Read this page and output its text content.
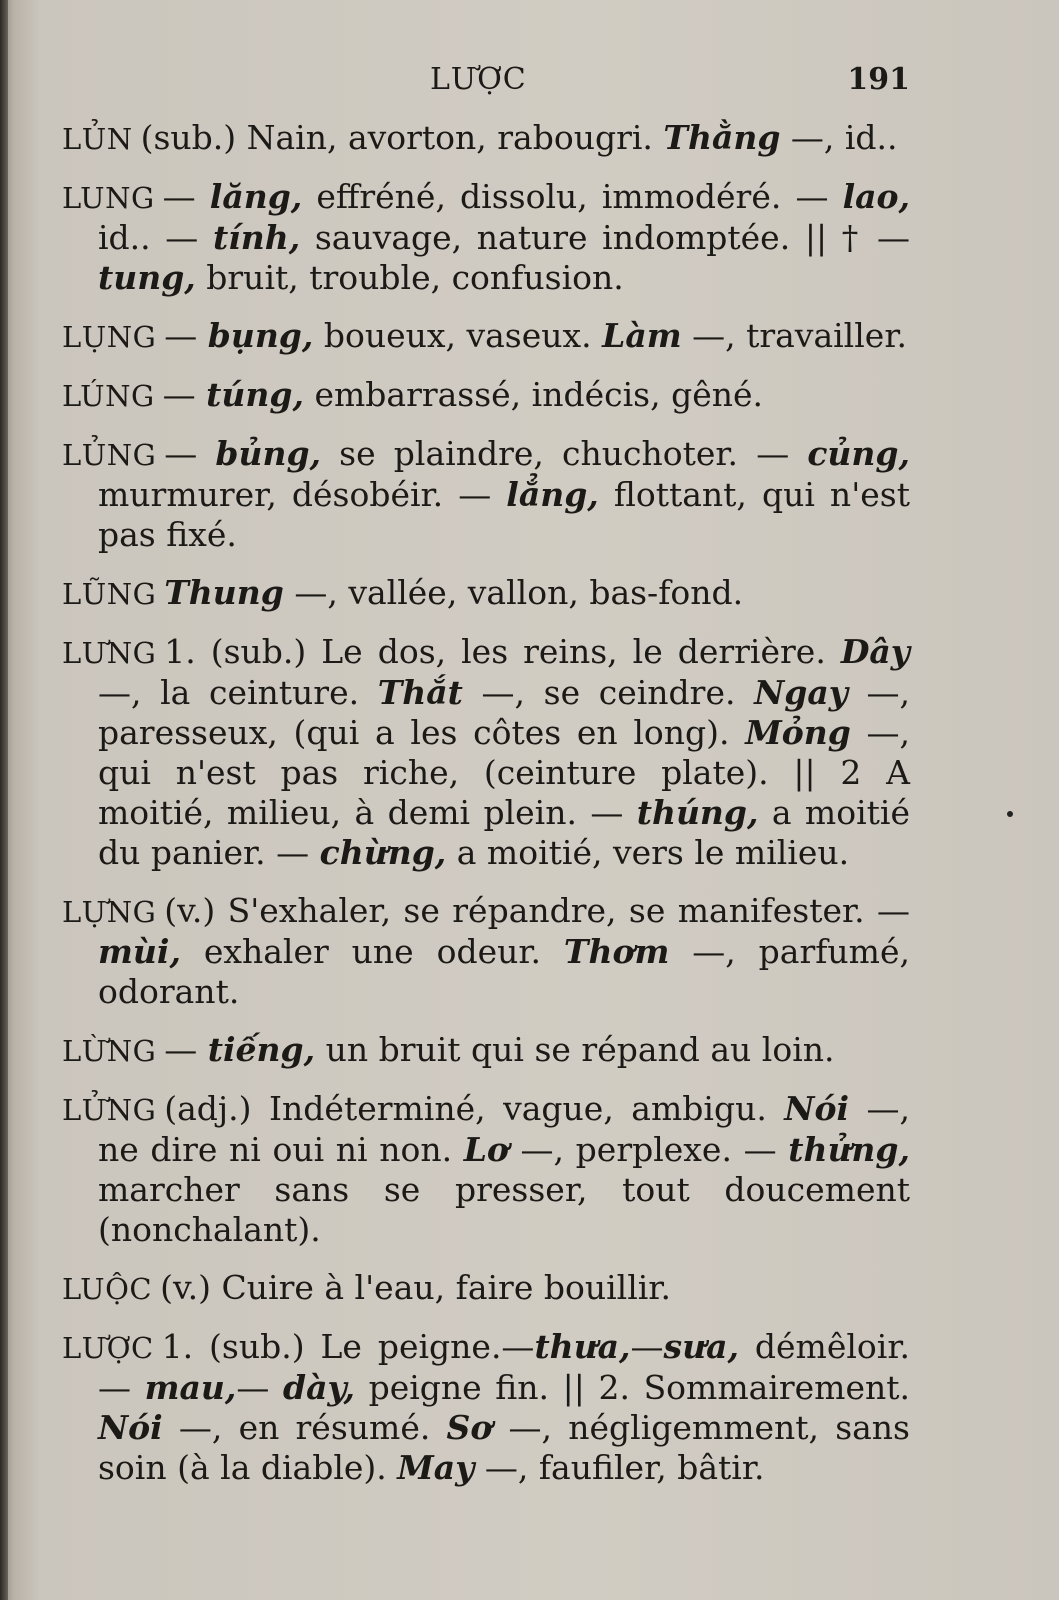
LƯỢC	191

LỦN (sub.) Nain, avorton, rabougri. Thằng —, id..

LUNG — lăng, effréné, dissolu, immodéré. — lao, id.. — tính, sauvage, nature indomptée. || † — tung, bruit, trouble, confusion.

LỤNG — bụng, boueux, vaseux. Làm —, travailler.

LÚNG — túng, embarrassé, indécis, gêné.

LỦNG — bủng, se plaindre, chuchoter. — củng, murmurer, désobéir. — lẳng, flottant, qui n'est pas fixé.

LŨNG Thung —, vallée, vallon, bas-fond.

LƯNG 1. (sub.) Le dos, les reins, le derrière. Dây —, la ceinture. Thắt —, se ceindre. Ngay —, paresseux, (qui a les côtes en long). Mỏng —, qui n'est pas riche, (ceinture plate). || 2 A moitié, milieu, à demi plein. — thúng, a moitié du panier. — chừng, a moitié, vers le milieu.

LỰNG (v.) S'exhaler, se répandre, se manifester. — mùi, exhaler une odeur. Thơm —, parfumé, odorant.

LỪNG — tiếng, un bruit qui se répand au loin.

LỬNG (adj.) Indéterminé, vague, ambigu. Nói —, ne dire ni oui ni non. Lơ —, perplexe. — thửng, marcher sans se presser, tout doucement (nonchalant).

LUỘC (v.) Cuire à l'eau, faire bouillir.

LƯỢC 1. (sub.) Le peigne.—thưa,—sưa, démêloir. — mau,— dày, peigne fin. || 2. Sommairement. Nói —, en résumé. Sơ —, négligemment, sans soin (à la diable). May —, faufiler, bâtir.
